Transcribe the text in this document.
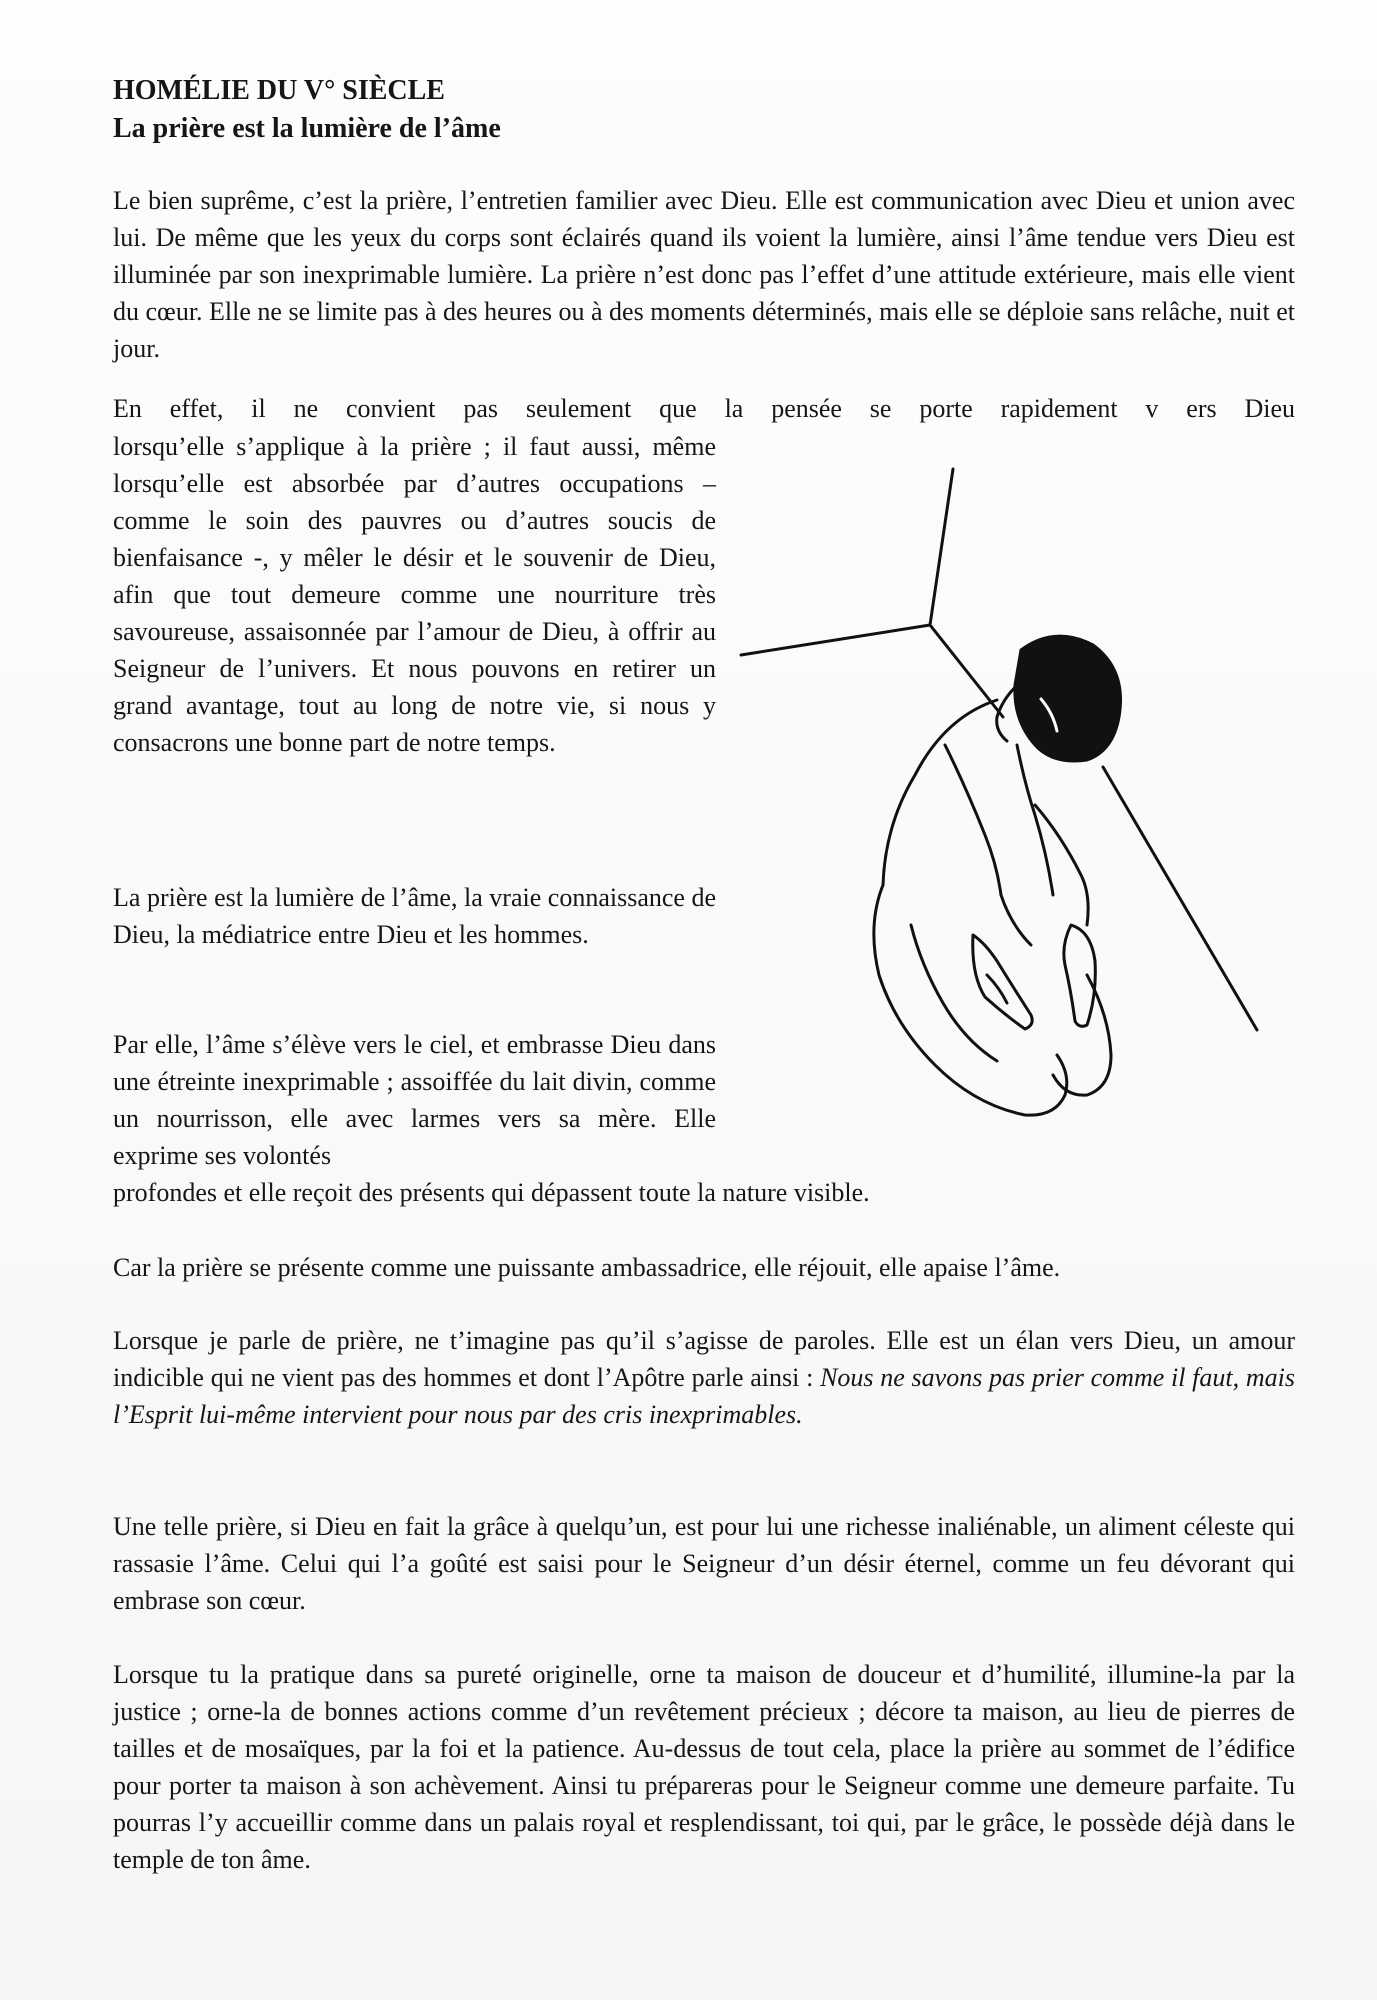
HOMÉLIE DU V° SIÈCLE
La prière est la lumière de l’âme

Le bien suprême, c’est la prière, l’entretien familier avec Dieu. Elle est communication avec Dieu et union avec lui. De même que les yeux du corps sont éclairés quand ils voient la lumière, ainsi l’âme tendue vers Dieu est illuminée par son inexprimable lumière. La prière n’est donc pas l’effet d’une attitude extérieure, mais elle vient du cœur. Elle ne se limite pas à des heures ou à des moments déterminés, mais elle se déploie sans relâche, nuit et jour.

En effet, il ne convient pas seulement que la pensée se porte rapidement v ers Dieu

lorsqu’elle s’applique à la prière ; il faut aussi, même lorsqu’elle est absorbée par d’autres occupations – comme le soin des pauvres ou d’autres soucis de bienfaisance -, y mêler le désir et le souvenir de Dieu, afin que tout demeure comme une nourriture très savoureuse, assaisonnée par l’amour de Dieu, à offrir au Seigneur de l’univers. Et nous pouvons en retirer un grand avantage, tout au long de notre vie, si nous y consacrons une bonne part de notre temps.

La prière est la lumière de l’âme, la vraie connaissance de Dieu, la médiatrice entre Dieu et les hommes.

Par elle, l’âme s’élève vers le ciel, et embrasse Dieu dans une étreinte inexprimable ; assoiffée du lait divin, comme un nourrisson, elle avec larmes vers sa mère. Elle exprime ses volontés

profondes et elle reçoit des présents qui dépassent toute la nature visible.

Car la prière se présente comme une puissante ambassadrice, elle réjouit, elle apaise l’âme.

Lorsque je parle de prière, ne t’imagine pas qu’il s’agisse de paroles. Elle est un élan vers Dieu, un amour indicible qui ne vient pas des hommes et dont l’Apôtre parle ainsi : Nous ne savons pas prier comme il faut, mais l’Esprit lui-même intervient pour nous par des cris inexprimables.

Une telle prière, si Dieu en fait la grâce à quelqu’un, est pour lui une richesse inaliénable, un aliment céleste qui rassasie l’âme. Celui qui l’a goûté est saisi pour le Seigneur d’un désir éternel, comme un feu dévorant qui embrase son cœur.

Lorsque tu la pratique dans sa pureté originelle, orne ta maison de douceur et d’humilité, illumine-la par la justice ; orne-la de bonnes actions comme d’un revêtement précieux ; décore ta maison, au lieu de pierres de tailles et de mosaïques, par la foi et la patience. Au-dessus de tout cela, place la prière au sommet de l’édifice pour porter ta maison à son achèvement. Ainsi tu prépareras pour le Seigneur comme une demeure parfaite. Tu pourras l’y accueillir comme dans un palais royal et resplendissant, toi qui, par le grâce, le possède déjà dans le temple de ton âme.
